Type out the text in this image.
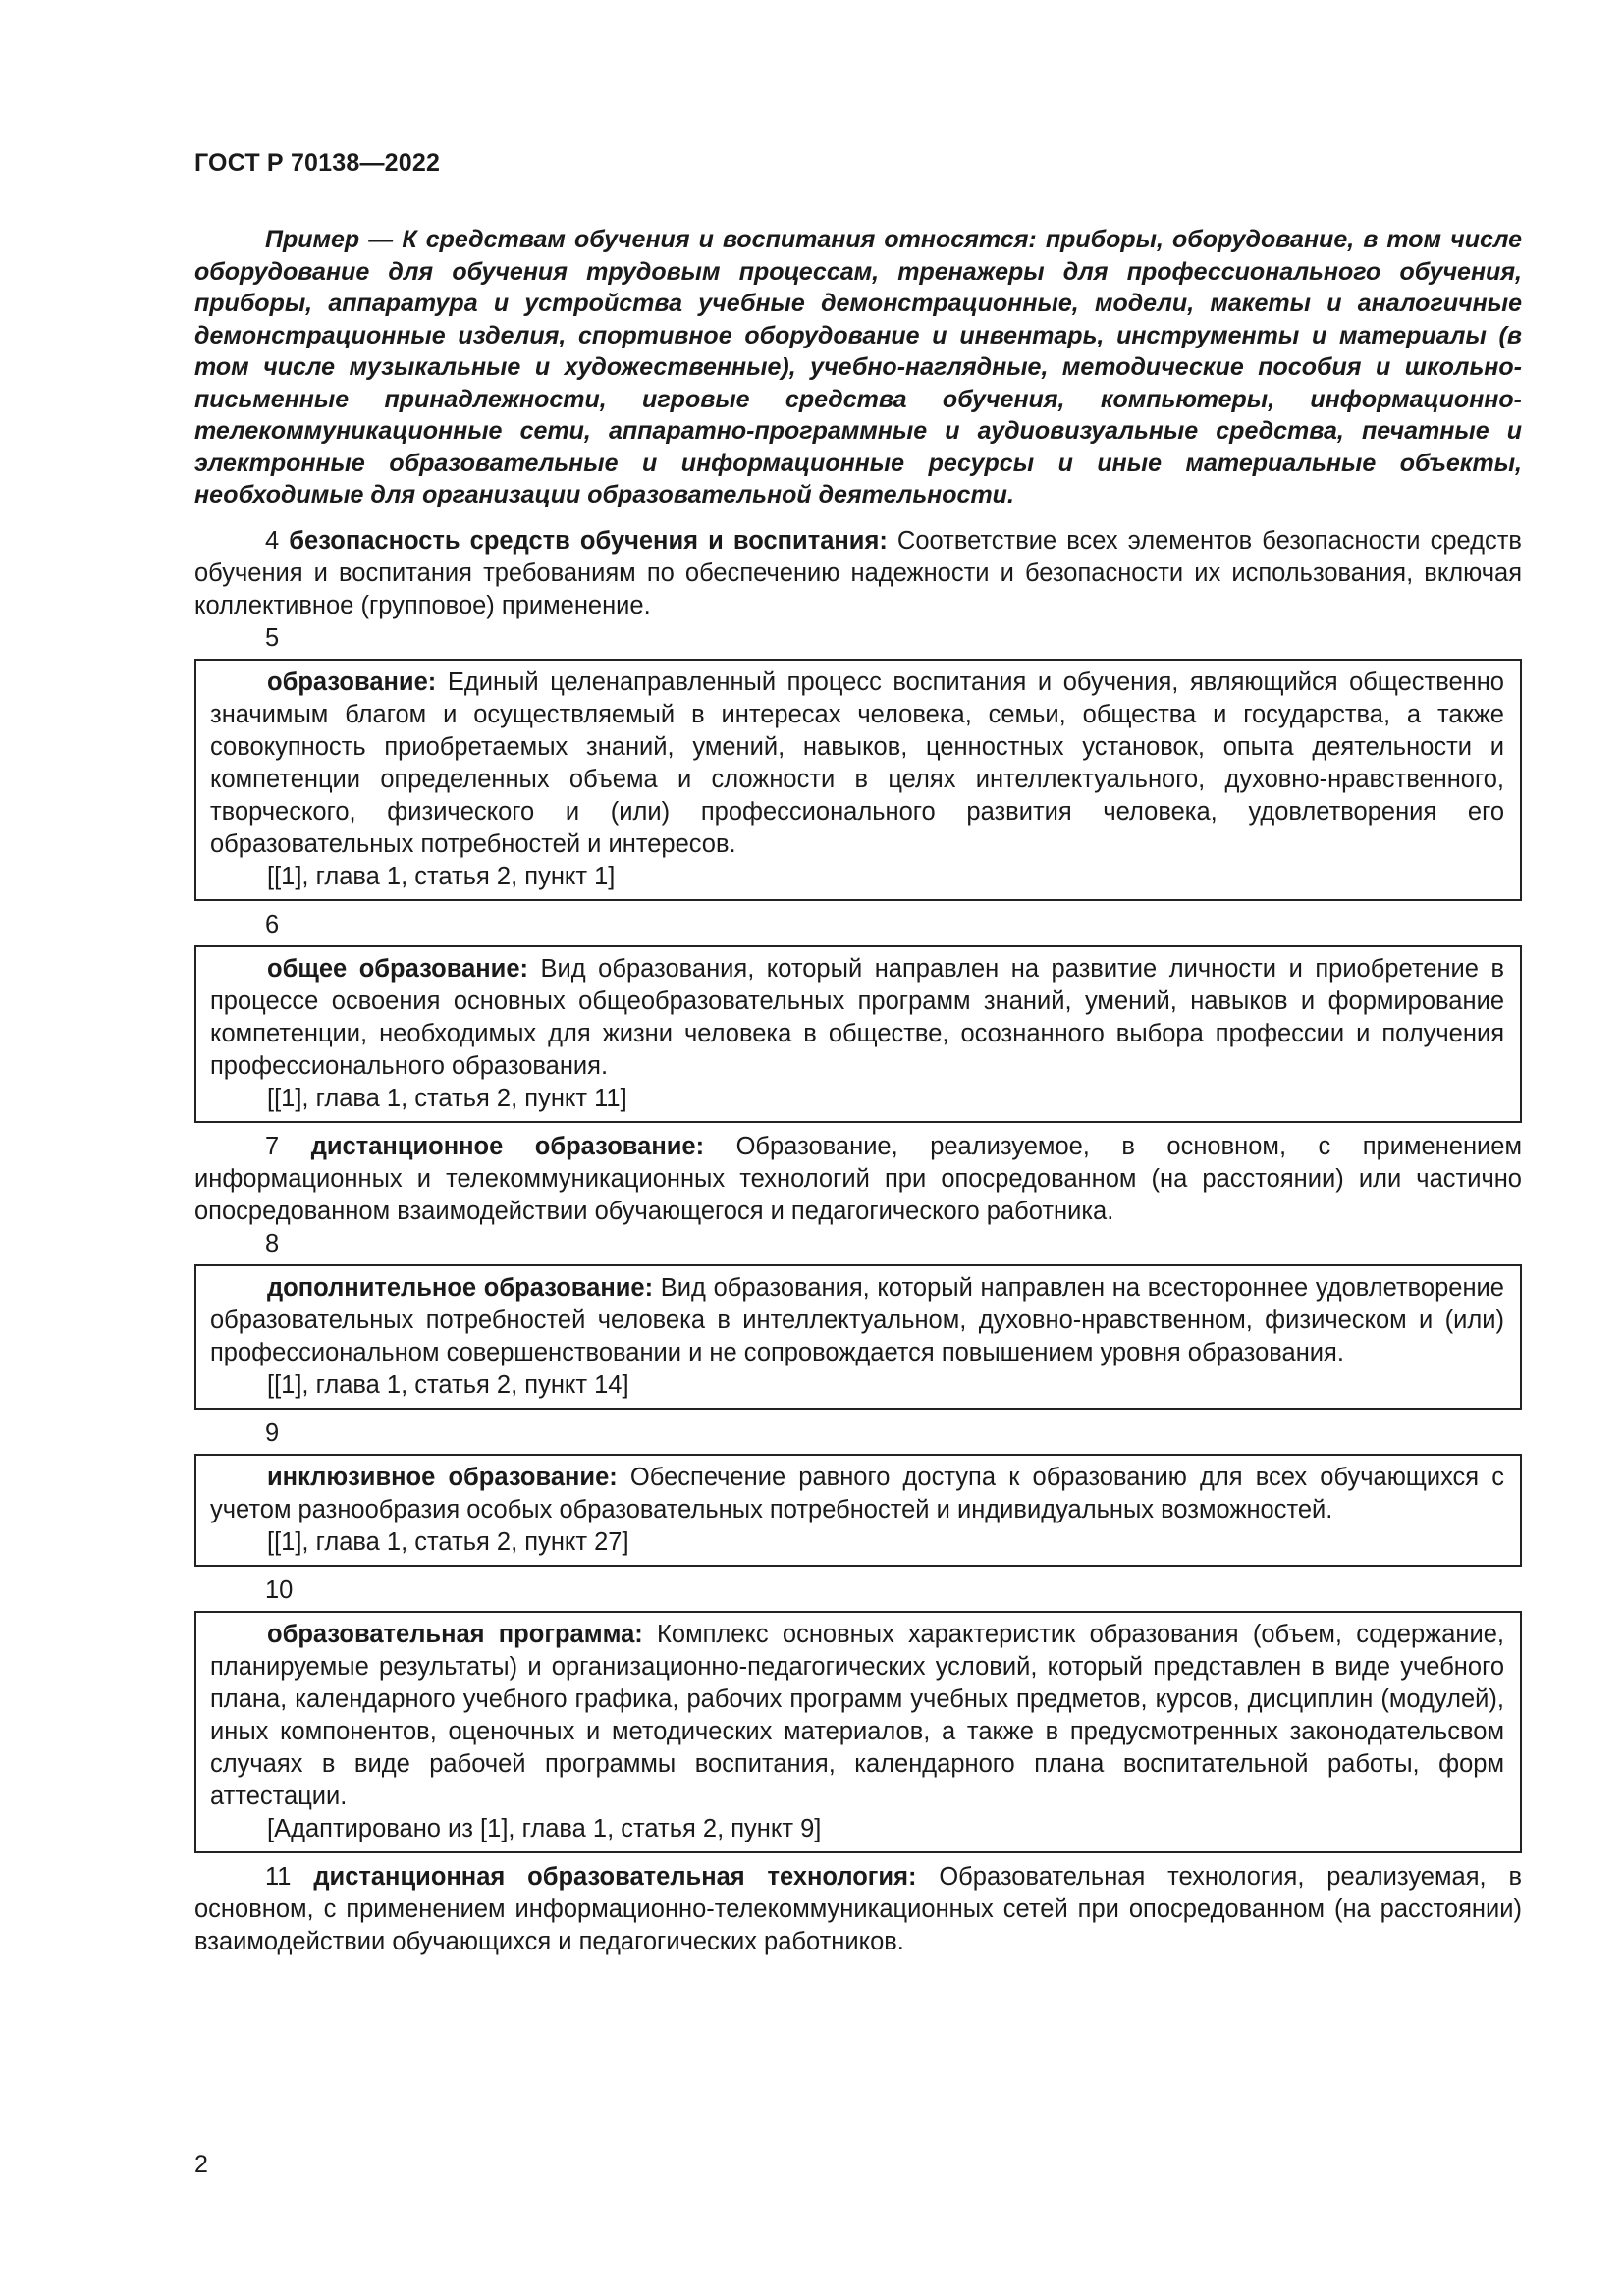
ГОСТ Р 70138—2022

Пример — К средствам обучения и воспитания относятся: приборы, оборудование, в том числе оборудование для обучения трудовым процессам, тренажеры для профессионального обучения, приборы, аппаратура и устройства учебные демонстрационные, модели, макеты и аналогичные демонстрационные изделия, спортивное оборудование и инвентарь, инструменты и материалы (в том числе музыкальные и художественные), учебно-наглядные, методические пособия и школьно-письменные принадлежности, игровые средства обучения, компьютеры, информационно-телекоммуникационные сети, аппаратно-программные и аудиовизуальные средства, печатные и электронные образовательные и информационные ресурсы и иные материальные объекты, необходимые для организации образовательной деятельности.

4 безопасность средств обучения и воспитания: Соответствие всех элементов безопасности средств обучения и воспитания требованиям по обеспечению надежности и безопасности их использования, включая коллективное (групповое) применение.

5

образование: Единый целенаправленный процесс воспитания и обучения, являющийся общественно значимым благом и осуществляемый в интересах человека, семьи, общества и государства, а также совокупность приобретаемых знаний, умений, навыков, ценностных установок, опыта деятельности и компетенции определенных объема и сложности в целях интеллектуального, духовно-нравственного, творческого, физического и (или) профессионального развития человека, удовлетворения его образовательных потребностей и интересов.

[[1], глава 1, статья 2, пункт 1]
6

общее образование: Вид образования, который направлен на развитие личности и приобретение в процессе освоения основных общеобразовательных программ знаний, умений, навыков и формирование компетенции, необходимых для жизни человека в обществе, осознанного выбора профессии и получения профессионального образования.

[[1], глава 1, статья 2, пункт 11]

7 дистанционное образование: Образование, реализуемое, в основном, с применением информационных и телекоммуникационных технологий при опосредованном (на расстоянии) или частично опосредованном взаимодействии обучающегося и педагогического работника.

8

дополнительное образование: Вид образования, который направлен на всестороннее удовлетворение образовательных потребностей человека в интеллектуальном, духовно-нравственном, физическом и (или) профессиональном совершенствовании и не сопровождается повышением уровня образования.

[[1], глава 1, статья 2, пункт 14]
9

инклюзивное образование: Обеспечение равного доступа к образованию для всех обучающихся с учетом разнообразия особых образовательных потребностей и индивидуальных возможностей.

[[1], глава 1, статья 2, пункт 27]
10

образовательная программа: Комплекс основных характеристик образования (объем, содержание, планируемые результаты) и организационно-педагогических условий, который представлен в виде учебного плана, календарного учебного графика, рабочих программ учебных предметов, курсов, дисциплин (модулей), иных компонентов, оценочных и методических материалов, а также в предусмотренных законодательсвом случаях в виде рабочей программы воспитания, календарного плана воспитательной работы, форм аттестации.

[Адаптировано из [1], глава 1, статья 2, пункт 9]

11 дистанционная образовательная технология: Образовательная технология, реализуемая, в основном, с применением информационно-телекоммуникационных сетей при опосредованном (на расстоянии) взаимодействии обучающихся и педагогических работников.

2
